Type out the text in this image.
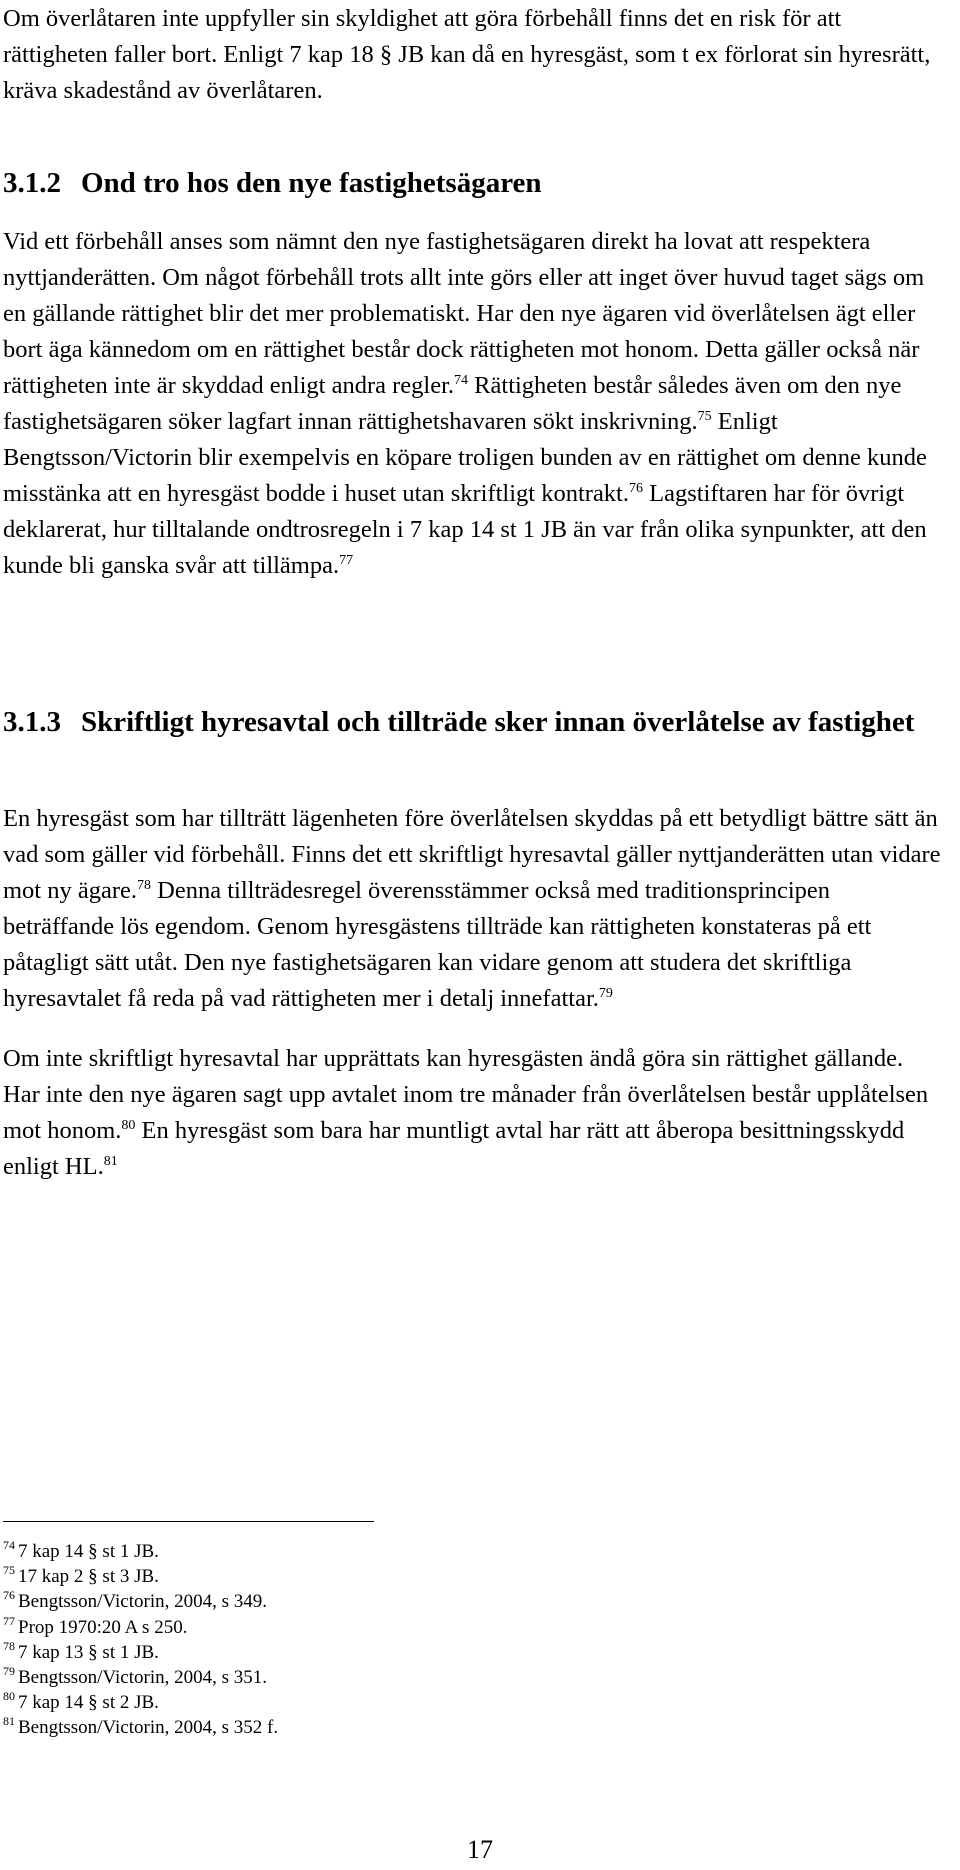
Om överlåtaren inte uppfyller sin skyldighet att göra förbehåll finns det en risk för att rättigheten faller bort. Enligt 7 kap 18 § JB kan då en hyresgäst, som t ex förlorat sin hyresrätt, kräva skadestånd av överlåtaren.

3.1.2 Ond tro hos den nye fastighetsägaren

Vid ett förbehåll anses som nämnt den nye fastighetsägaren direkt ha lovat att respektera nyttjanderätten. Om något förbehåll trots allt inte görs eller att inget över huvud taget sägs om en gällande rättighet blir det mer problematiskt. Har den nye ägaren vid överlåtelsen ägt eller bort äga kännedom om en rättighet består dock rättigheten mot honom. Detta gäller också när rättigheten inte är skyddad enligt andra regler.$^{74}$ Rättigheten består således även om den nye fastighetsägaren söker lagfart innan rättighetshavaren sökt inskrivning.$^{75}$ Enligt Bengtsson/Victorin blir exempelvis en köpare troligen bunden av en rättighet om denne kunde misstänka att en hyresgäst bodde i huset utan skriftligt kontrakt.$^{76}$ Lagstiftaren har för övrigt deklarerat, hur tilltalande ondtrosregeln i 7 kap 14 st 1 JB än var från olika synpunkter, att den kunde bli ganska svår att tillämpa.$^{77}$

3.1.3 Skriftligt hyresavtal och tillträde sker innan överlåtelse av fastighet

En hyresgäst som har tillträtt lägenheten före överlåtelsen skyddas på ett betydligt bättre sätt än vad som gäller vid förbehåll. Finns det ett skriftligt hyresavtal gäller nyttjanderätten utan vidare mot ny ägare.$^{78}$ Denna tillträdesregel överensstämmer också med traditionsprincipen beträffande lös egendom. Genom hyresgästens tillträde kan rättigheten konstateras på ett påtagligt sätt utåt. Den nye fastighetsägaren kan vidare genom att studera det skriftliga hyresavtalet få reda på vad rättigheten mer i detalj innefattar.$^{79}$

Om inte skriftligt hyresavtal har upprättats kan hyresgästen ändå göra sin rättighet gällande. Har inte den nye ägaren sagt upp avtalet inom tre månader från överlåtelsen består upplåtelsen mot honom.$^{80}$ En hyresgäst som bara har muntligt avtal har rätt att åberopa besittningsskydd enligt HL.$^{81}$

$^{74}$ 7 kap 14 § st 1 JB.
$^{75}$ 17 kap 2 § st 3 JB.
$^{76}$ Bengtsson/Victorin, 2004, s 349.
$^{77}$ Prop 1970:20 A s 250.
$^{78}$ 7 kap 13 § st 1 JB.
$^{79}$ Bengtsson/Victorin, 2004, s 351.
$^{80}$ 7 kap 14 § st 2 JB.
$^{81}$ Bengtsson/Victorin, 2004, s 352 f.
17
